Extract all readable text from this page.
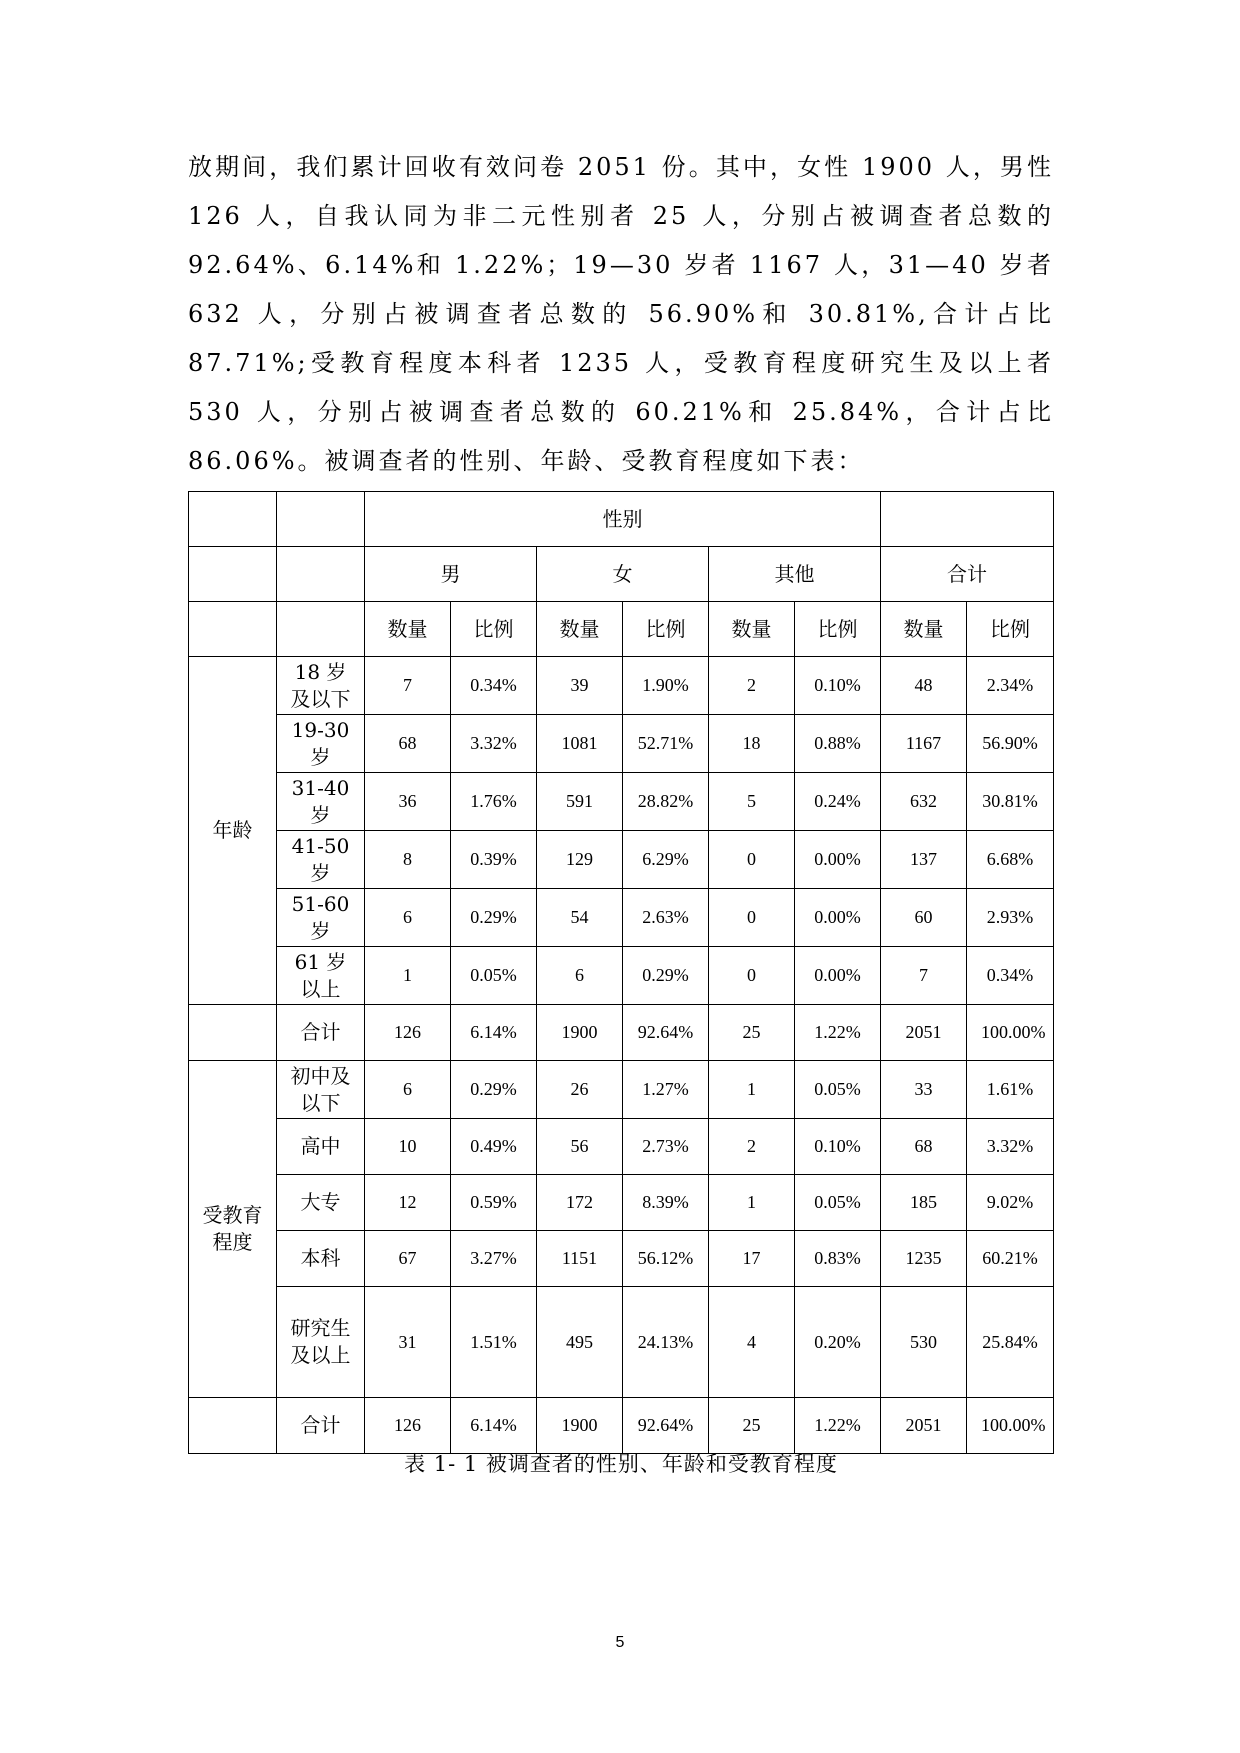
放期间，我们累计回收有效问卷 2051 份。其中，女性 1900 人，男性 126 人，自我认同为非二元性别者 25 人，分别占被调查者总数的 92.64%、6.14%和 1.22%；19—30 岁者 1167 人，31—40 岁者 632 人，分别占被调查者总数的 56.90%和 30.81%,合计占比 87.71%;受教育程度本科者 1235 人，受教育程度研究生及以上者 530 人，分别占被调查者总数的 60.21%和 25.84%，合计占比 86.06%。被调查者的性别、年龄、受教育程度如下表：

		性别							
		男		女		其他		合计	
		数量	比例	数量	比例	数量	比例	数量	比例
年龄	18 岁及以下	7	0.34%	39	1.90%	2	0.10%	48	2.34%
	19-30 岁	68	3.32%	1081	52.71%	18	0.88%	1167	56.90%
	31-40 岁	36	1.76%	591	28.82%	5	0.24%	632	30.81%
	41-50 岁	8	0.39%	129	6.29%	0	0.00%	137	6.68%
	51-60 岁	6	0.29%	54	2.63%	0	0.00%	60	2.93%
	61 岁以上	1	0.05%	6	0.29%	0	0.00%	7	0.34%
	合计	126	6.14%	1900	92.64%	25	1.22%	2051	100.00%
受教育程度	初中及以下	6	0.29%	26	1.27%	1	0.05%	33	1.61%
	高中	10	0.49%	56	2.73%	2	0.10%	68	3.32%
	大专	12	0.59%	172	8.39%	1	0.05%	185	9.02%
	本科	67	3.27%	1151	56.12%	17	0.83%	1235	60.21%
	研究生及以上	31	1.51%	495	24.13%	4	0.20%	530	25.84%
	合计	126	6.14%	1900	92.64%	25	1.22%	2051	100.00%
表 1- 1 被调查者的性别、年龄和受教育程度
5
